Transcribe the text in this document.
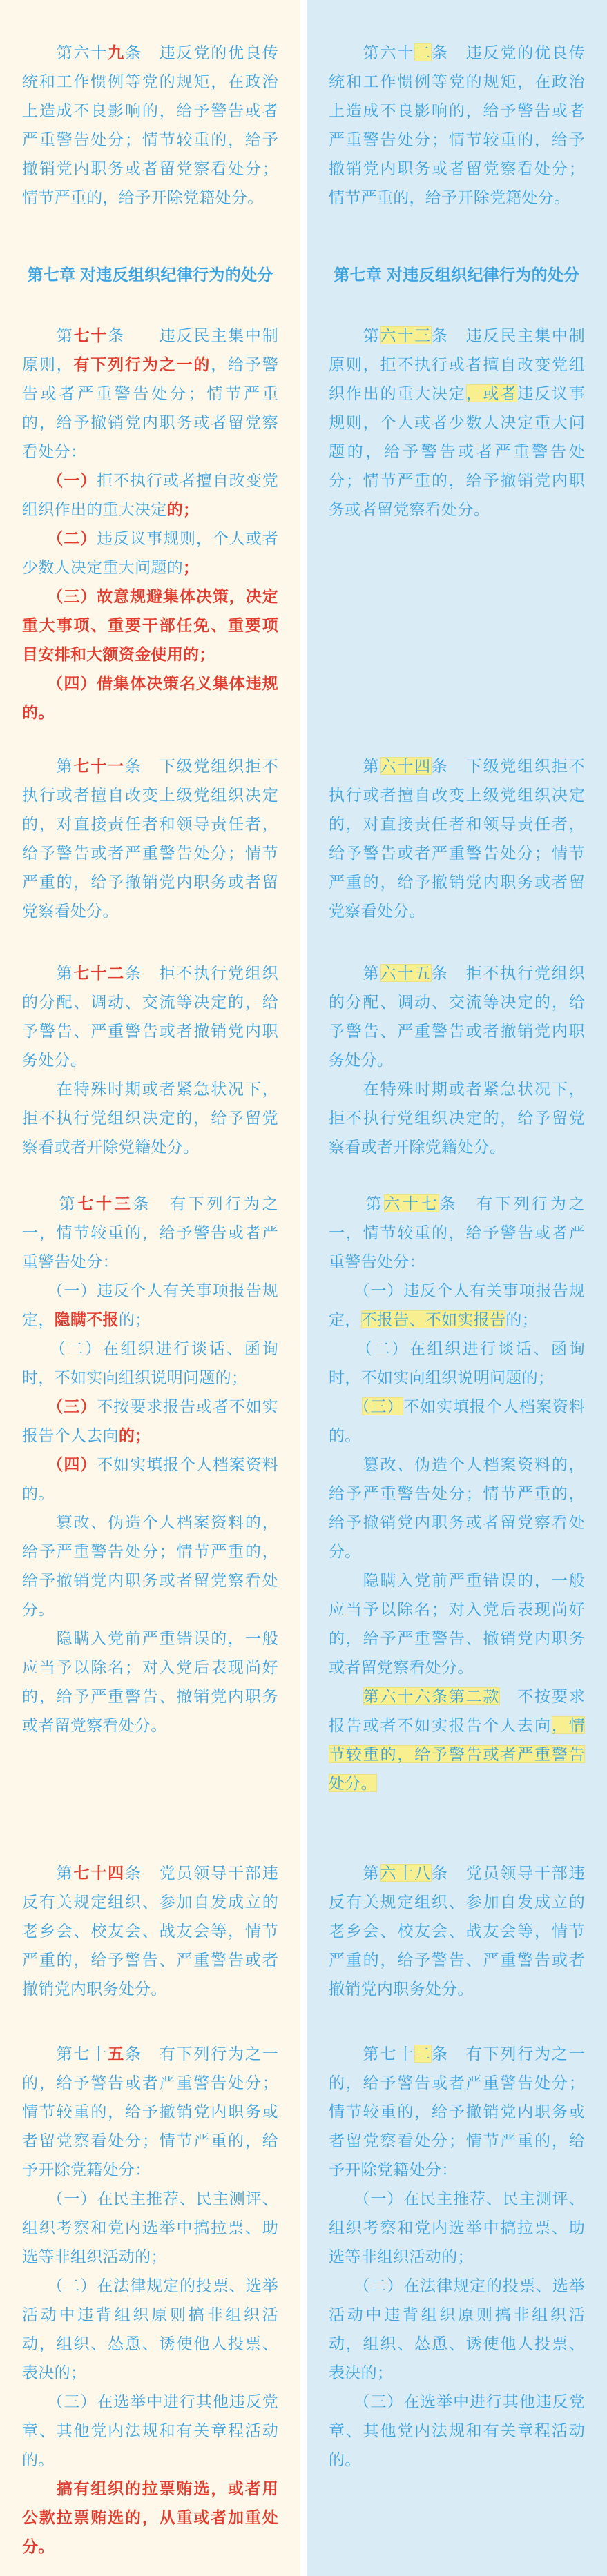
　　第六十九条　违反党的优良传统和工作惯例等党的规矩，在政治上造成不良影响的，给予警告或者严重警告处分；情节较重的，给予撤销党内职务或者留党察看处分；情节严重的，给予开除党籍处分。

　　第六十二条　违反党的优良传统和工作惯例等党的规矩，在政治上造成不良影响的，给予警告或者严重警告处分；情节较重的，给予撤销党内职务或者留党察看处分；情节严重的，给予开除党籍处分。

第七章 对违反组织纪律行为的处分	第七章 对违反组织纪律行为的处分

　　第七十条　　违反民主集中制原则，有下列行为之一的，给予警告或者严重警告处分；情节严重的，给予撤销党内职务或者留党察看处分：

　　（一）拒不执行或者擅自改变党组织作出的重大决定的；

　　（二）违反议事规则，个人或者少数人决定重大问题的；

　　（三）故意规避集体决策，决定重大事项、重要干部任免、重要项目安排和大额资金使用的；

　　（四）借集体决策名义集体违规的。

　　第六十三条　违反民主集中制原则，拒不执行或者擅自改变党组织作出的重大决定，或者违反议事规则，个人或者少数人决定重大问题的，给予警告或者严重警告处分；情节严重的，给予撤销党内职务或者留党察看处分。

　　第七十一条　下级党组织拒不执行或者擅自改变上级党组织决定的，对直接责任者和领导责任者，给予警告或者严重警告处分；情节严重的，给予撤销党内职务或者留党察看处分。

　　第六十四条　下级党组织拒不执行或者擅自改变上级党组织决定的，对直接责任者和领导责任者，给予警告或者严重警告处分；情节严重的，给予撤销党内职务或者留党察看处分。

　　第七十二条　拒不执行党组织的分配、调动、交流等决定的，给予警告、严重警告或者撤销党内职务处分。

　　在特殊时期或者紧急状况下，拒不执行党组织决定的，给予留党察看或者开除党籍处分。

　　第六十五条　拒不执行党组织的分配、调动、交流等决定的，给予警告、严重警告或者撤销党内职务处分。

　　在特殊时期或者紧急状况下，拒不执行党组织决定的，给予留党察看或者开除党籍处分。

　　第七十三条　有下列行为之一，情节较重的，给予警告或者严重警告处分：

　　（一）违反个人有关事项报告规定，隐瞒不报的；

　　（二）在组织进行谈话、函询时，不如实向组织说明问题的；

　　（三）不按要求报告或者不如实报告个人去向的；

　　（四）不如实填报个人档案资料的。

　　篡改、伪造个人档案资料的，给予严重警告处分；情节严重的，给予撤销党内职务或者留党察看处分。

　　隐瞒入党前严重错误的，一般应当予以除名；对入党后表现尚好的，给予严重警告、撤销党内职务或者留党察看处分。

　　第六十七条　有下列行为之一，情节较重的，给予警告或者严重警告处分：

　　（一）违反个人有关事项报告规定，不报告、不如实报告的；

　　（二）在组织进行谈话、函询时，不如实向组织说明问题的；

　　（三）不如实填报个人档案资料的。

　　篡改、伪造个人档案资料的，给予严重警告处分；情节严重的，给予撤销党内职务或者留党察看处分。

　　隐瞒入党前严重错误的，一般应当予以除名；对入党后表现尚好的，给予严重警告、撤销党内职务或者留党察看处分。

　　第六十六条第二款　不按要求报告或者不如实报告个人去向，情节较重的，给予警告或者严重警告处分。

　　第七十四条　党员领导干部违反有关规定组织、参加自发成立的老乡会、校友会、战友会等，情节严重的，给予警告、严重警告或者撤销党内职务处分。

　　第六十八条　党员领导干部违反有关规定组织、参加自发成立的老乡会、校友会、战友会等，情节严重的，给予警告、严重警告或者撤销党内职务处分。

　　第七十五条　有下列行为之一的，给予警告或者严重警告处分；情节较重的，给予撤销党内职务或者留党察看处分；情节严重的，给予开除党籍处分：

　　（一）在民主推荐、民主测评、组织考察和党内选举中搞拉票、助选等非组织活动的；

　　（二）在法律规定的投票、选举活动中违背组织原则搞非组织活动，组织、怂恿、诱使他人投票、表决的；

　　（三）在选举中进行其他违反党章、其他党内法规和有关章程活动的。

　　搞有组织的拉票贿选，或者用公款拉票贿选的，从重或者加重处分。

　　第七十二条　有下列行为之一的，给予警告或者严重警告处分；情节较重的，给予撤销党内职务或者留党察看处分；情节严重的，给予开除党籍处分：

　　（一）在民主推荐、民主测评、组织考察和党内选举中搞拉票、助选等非组织活动的；

　　（二）在法律规定的投票、选举活动中违背组织原则搞非组织活动，组织、怂恿、诱使他人投票、表决的；

　　（三）在选举中进行其他违反党章、其他党内法规和有关章程活动的。
